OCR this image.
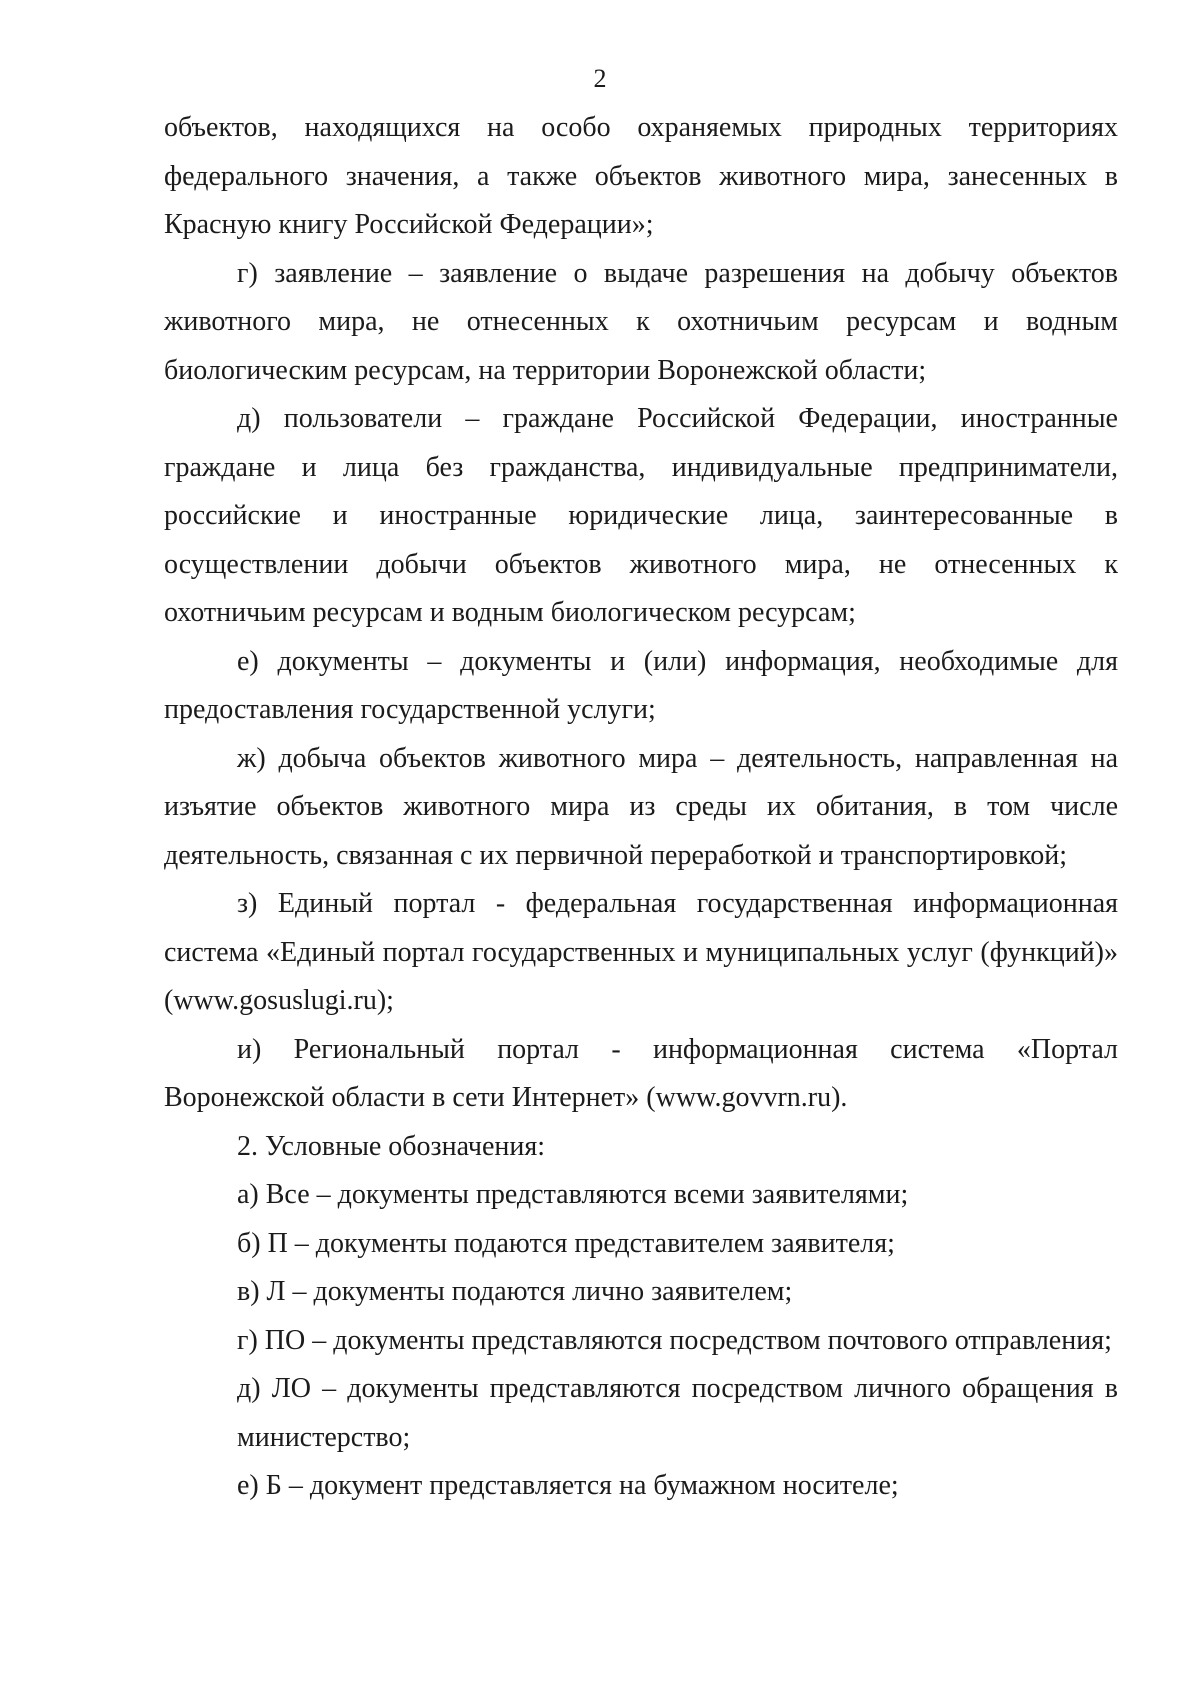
2

объектов, находящихся на особо охраняемых природных территориях федерального значения, а также объектов животного мира, занесенных в Красную книгу Российской Федерации»;

г) заявление – заявление о выдаче разрешения на добычу объектов животного мира, не отнесенных к охотничьим ресурсам и водным биологическим ресурсам, на территории Воронежской области;

д) пользователи – граждане Российской Федерации, иностранные граждане и лица без гражданства, индивидуальные предприниматели, российские и иностранные юридические лица, заинтересованные в осуществлении добычи объектов животного мира, не отнесенных к охотничьим ресурсам и водным биологическом ресурсам;

е) документы – документы и (или) информация, необходимые для предоставления государственной услуги;

ж) добыча объектов животного мира – деятельность, направленная на изъятие объектов животного мира из среды их обитания, в том числе деятельность, связанная с их первичной переработкой и транспортировкой;

з) Единый портал - федеральная государственная информационная система «Единый портал государственных и муниципальных услуг (функций)» (www.gosuslugi.ru);

и) Региональный портал - информационная система «Портал Воронежской области в сети Интернет» (www.govvrn.ru).

2. Условные обозначения:

а) Все – документы представляются всеми заявителями;

б) П – документы подаются представителем заявителя;

в) Л – документы подаются лично заявителем;

г) ПО – документы представляются посредством почтового отправления;

д) ЛО – документы представляются посредством личного обращения в министерство;

е) Б – документ представляется на бумажном носителе;
